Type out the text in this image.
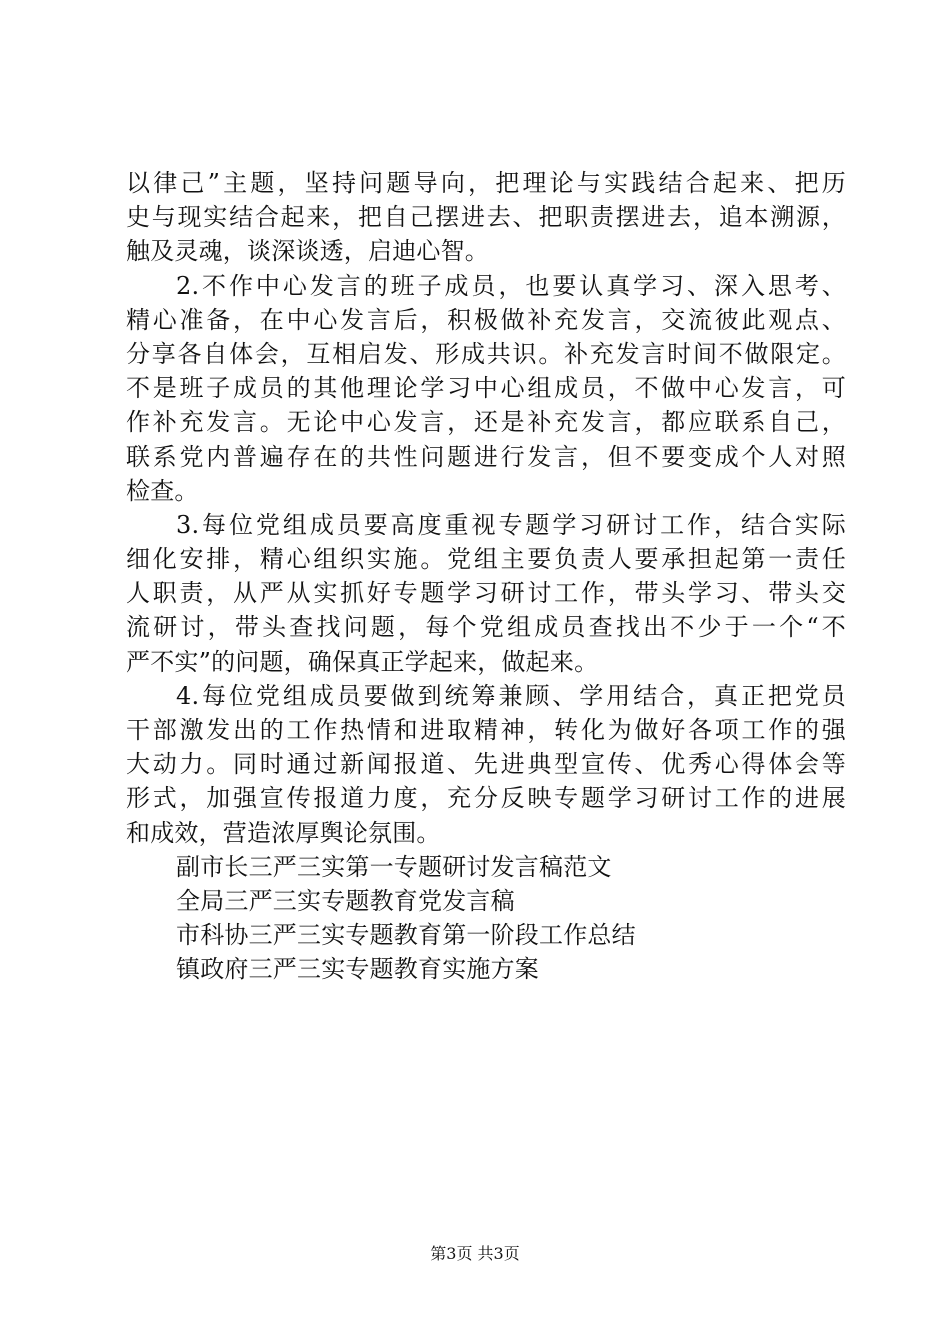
以律己”主题，坚持问题导向，把理论与实践结合起来、把历
史与现实结合起来，把自己摆进去、把职责摆进去，追本溯源，
触及灵魂，谈深谈透，启迪心智。
2.不作中心发言的班子成员，也要认真学习、深入思考、
精心准备，在中心发言后，积极做补充发言，交流彼此观点、
分享各自体会，互相启发、形成共识。补充发言时间不做限定。
不是班子成员的其他理论学习中心组成员，不做中心发言，可
作补充发言。无论中心发言，还是补充发言，都应联系自己，
联系党内普遍存在的共性问题进行发言，但不要变成个人对照
检查。
3.每位党组成员要高度重视专题学习研讨工作，结合实际
细化安排，精心组织实施。党组主要负责人要承担起第一责任
人职责，从严从实抓好专题学习研讨工作，带头学习、带头交
流研讨，带头查找问题，每个党组成员查找出不少于一个“不
严不实”的问题，确保真正学起来，做起来。
4.每位党组成员要做到统筹兼顾、学用结合，真正把党员
干部激发出的工作热情和进取精神，转化为做好各项工作的强
大动力。同时通过新闻报道、先进典型宣传、优秀心得体会等
形式，加强宣传报道力度，充分反映专题学习研讨工作的进展
和成效，营造浓厚舆论氛围。
副市长三严三实第一专题研讨发言稿范文
全局三严三实专题教育党发言稿
市科协三严三实专题教育第一阶段工作总结
镇政府三严三实专题教育实施方案
第3页 共3页
